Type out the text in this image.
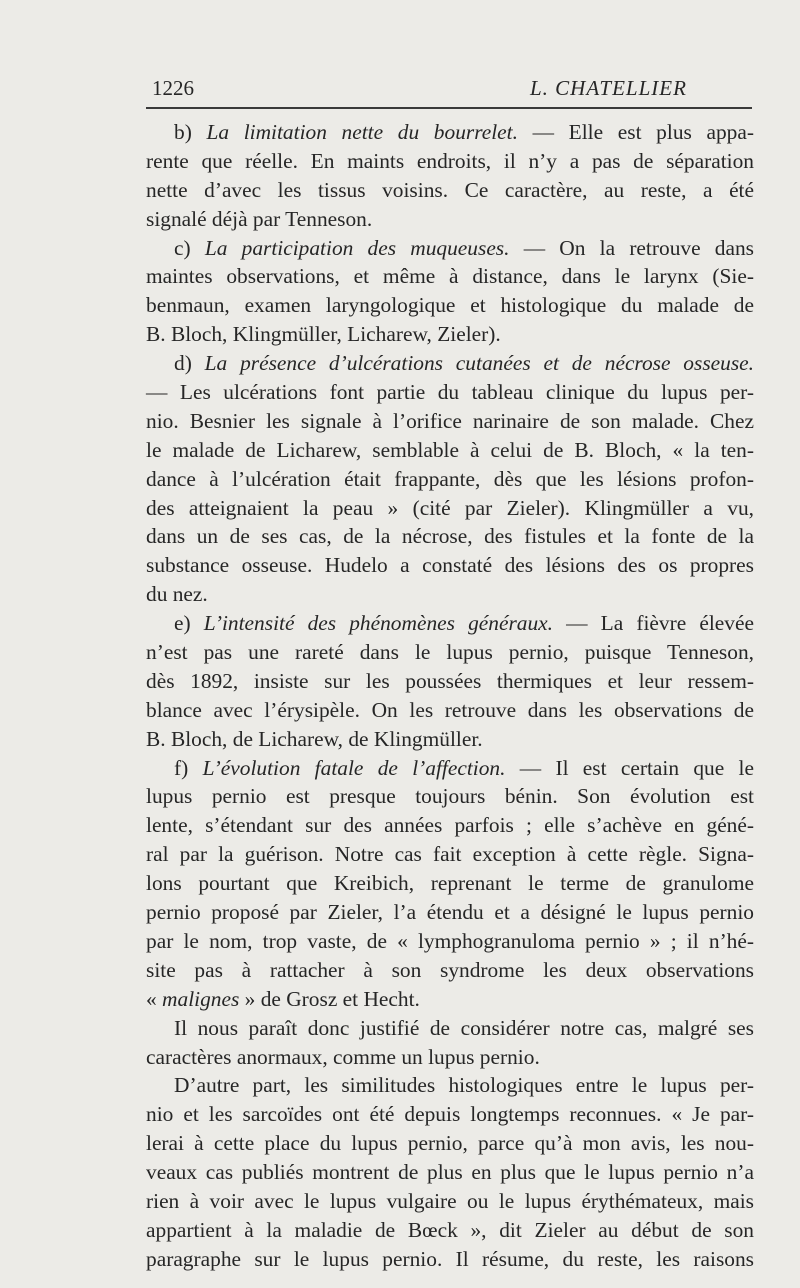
1226	L. CHATELLIER
b) La limitation nette du bourrelet. — Elle est plus appa-
rente que réelle. En maints endroits, il n’y a pas de séparation
nette d’avec les tissus voisins. Ce caractère, au reste, a été
signalé déjà par Tenneson.
c) La participation des muqueuses. — On la retrouve dans
maintes observations, et même à distance, dans le larynx (Sie-
benmaun, examen laryngologique et histologique du malade de
B. Bloch, Klingmüller, Licharew, Zieler).
d) La présence d’ulcérations cutanées et de nécrose osseuse.
— Les ulcérations font partie du tableau clinique du lupus per-
nio. Besnier les signale à l’orifice narinaire de son malade. Chez
le malade de Licharew, semblable à celui de B. Bloch, « la ten-
dance à l’ulcération était frappante, dès que les lésions profon-
des atteignaient la peau » (cité par Zieler). Klingmüller a vu,
dans un de ses cas, de la nécrose, des fistules et la fonte de la
substance osseuse. Hudelo a constaté des lésions des os propres
du nez.
e) L’intensité des phénomènes généraux. — La fièvre élevée
n’est pas une rareté dans le lupus pernio, puisque Tenneson,
dès 1892, insiste sur les poussées thermiques et leur ressem-
blance avec l’érysipèle. On les retrouve dans les observations de
B. Bloch, de Licharew, de Klingmüller.
f) L’évolution fatale de l’affection. — Il est certain que le
lupus pernio est presque toujours bénin. Son évolution est
lente, s’étendant sur des années parfois ; elle s’achève en géné-
ral par la guérison. Notre cas fait exception à cette règle. Signa-
lons pourtant que Kreibich, reprenant le terme de granulome
pernio proposé par Zieler, l’a étendu et a désigné le lupus pernio
par le nom, trop vaste, de « lymphogranuloma pernio » ; il n’hé-
site pas à rattacher à son syndrome les deux observations
« malignes » de Grosz et Hecht.
Il nous paraît donc justifié de considérer notre cas, malgré ses
caractères anormaux, comme un lupus pernio.
D’autre part, les similitudes histologiques entre le lupus per-
nio et les sarcoïdes ont été depuis longtemps reconnues. « Je par-
lerai à cette place du lupus pernio, parce qu’à mon avis, les nou-
veaux cas publiés montrent de plus en plus que le lupus pernio n’a
rien à voir avec le lupus vulgaire ou le lupus érythémateux, mais
appartient à la maladie de Bœck », dit Zieler au début de son
paragraphe sur le lupus pernio. Il résume, du reste, les raisons
